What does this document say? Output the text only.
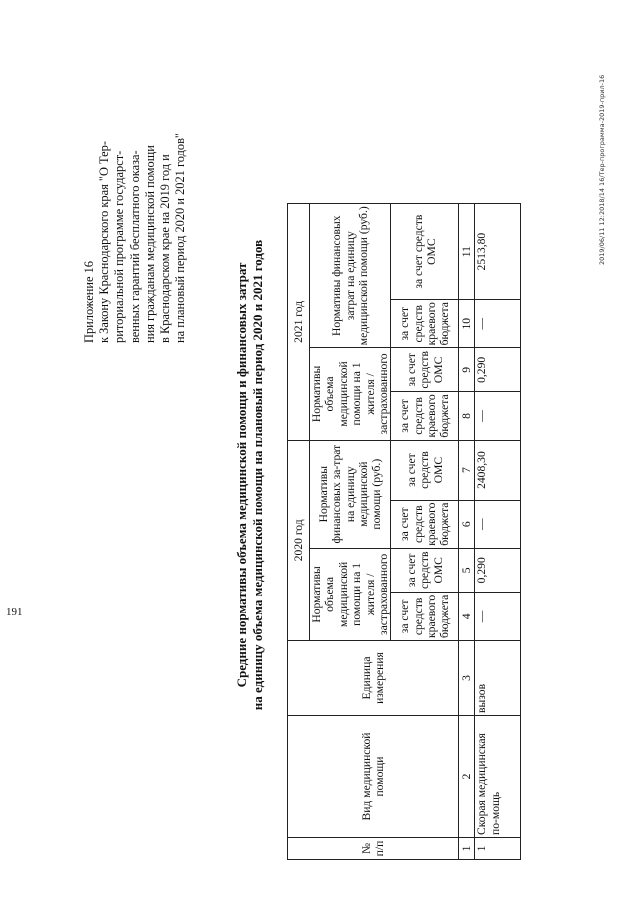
Приложение 16 к Закону Краснодарского края "О Тер- риториальной программе государст- венных гарантий бесплатного оказа- ния гражданам медицинской помощи в Краснодарском крае на 2019 год и на плановый период 2020 и 2021 годов"
Средние нормативы объема медицинской помощи и финансовых затрат на единицу объема медицинской помощи на плановый период 2020 и 2021 годов
№ п/п	Вид медицинской помощи	Единица измерения	2020 год				2021 год			
			Нормативы объема медицинской помощи на 1 жителя / застрахованного		Нормативы финансовых за-трат на единицу медицинской помощи (руб.)		Нормативы объема медицинской помощи на 1 жителя / застрахованного		Нормативы финансовых затрат на единицу медицинской помощи (руб.)	
			за счет средств краевого бюджета	за счет средств ОМС	за счет средств краевого бюджета	за счет средств ОМС	за счет средств краевого бюджета	за счет средств ОМС	за счет средств краевого бюджета	за счет средств ОМС
1	2	3	4	5	6	7	8	9	10	11
1	Скорая медицинская по-мощь	вызов	—	0,290	—	2408,30	—	0,290	—	2513,80	2019/06/11 12:2018/14 16/Тер-программа-2019-прил-16
191
